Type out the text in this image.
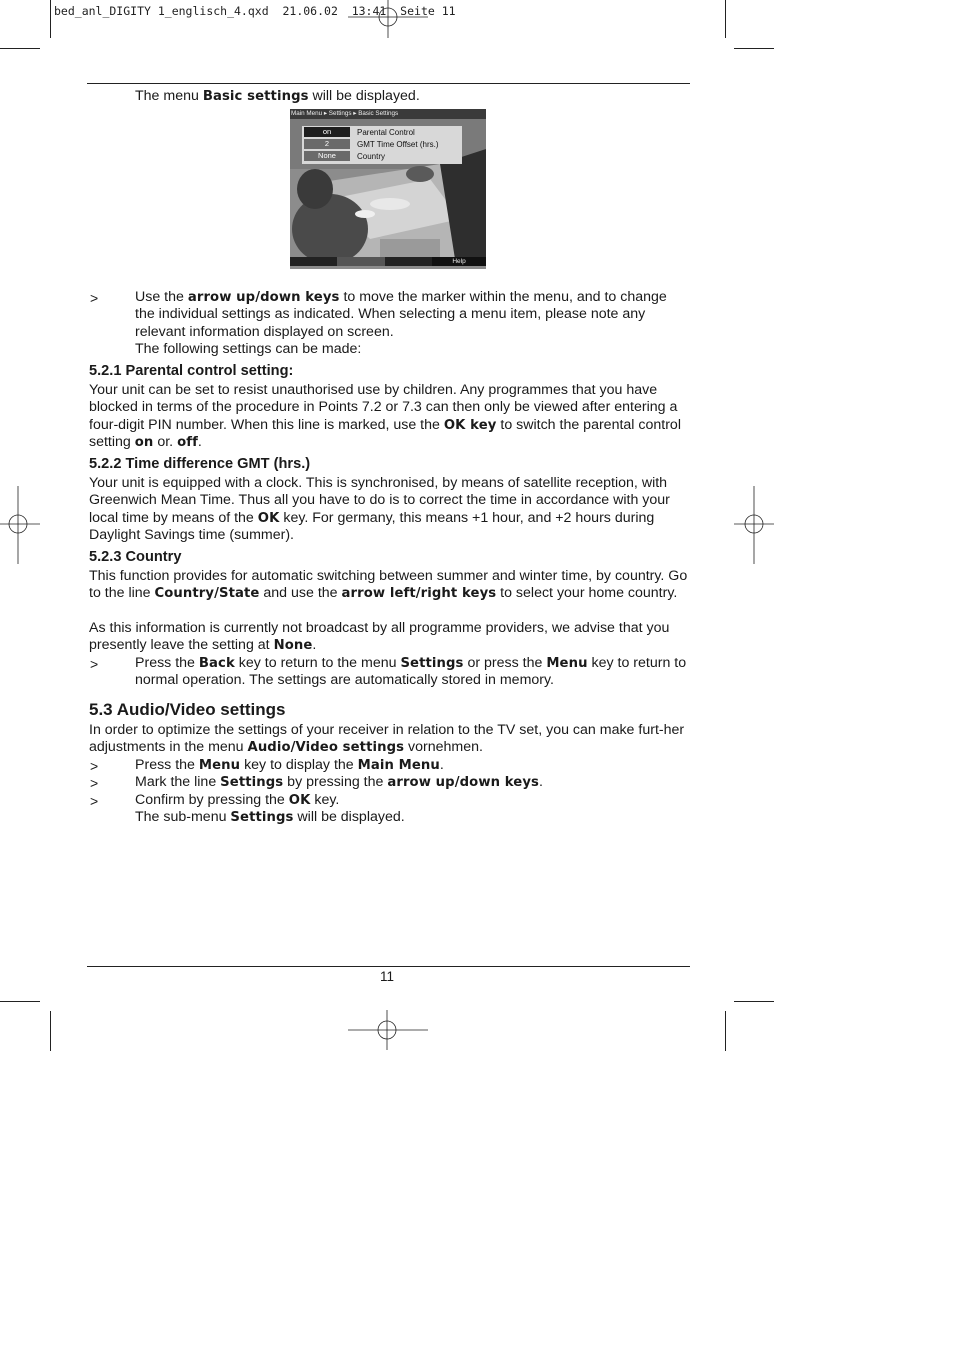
bed_anl_DIGITY 1_englisch_4.qxd  21.06.02  13:41  Seite 11
The menu Basic settings will be displayed.
Main Menu ▸ Settings ▸ Basic Settings
on	Parental Control
2	GMT Time Offset (hrs.)
None	Country
Help
>	Use the arrow up/down keys to move the marker within the menu, and to change the individual settings as indicated. When selecting a menu item, please note any relevant information displayed on screen.
The following settings can be made:
5.2.1 Parental control setting:
Your unit can be set to resist unauthorised use by children. Any programmes that you have blocked in terms of the procedure in Points 7.2 or 7.3 can then only be viewed after entering a four-digit PIN number. When this line is marked, use the OK key to switch the parental control setting on or. off.
5.2.2 Time difference GMT (hrs.)
Your unit is equipped with a clock. This is synchronised, by means of satellite reception, with Greenwich Mean Time. Thus all you have to do is to correct the time in accordance with your local time by means of the OK key. For germany, this means +1 hour, and +2 hours during Daylight Savings time (summer).
5.2.3 Country
This function provides for automatic switching between summer and winter time, by country. Go to the line Country/State and use the arrow left/right keys to select your home country.
As this information is currently not broadcast by all programme providers, we advise that you presently leave the setting at None.
>	Press the Back key to return to the menu Settings or press the Menu key to return to normal operation. The settings are automatically stored in memory.
5.3 Audio/Video settings
In order to optimize the settings of your receiver in relation to the TV set, you can make furt-her adjustments in the menu Audio/Video settings vornehmen.
>	Press the Menu key to display the Main Menu.
>	Mark the line Settings by pressing the arrow up/down keys.
>	Confirm by pressing the OK key.
The sub-menu Settings will be displayed.
11
